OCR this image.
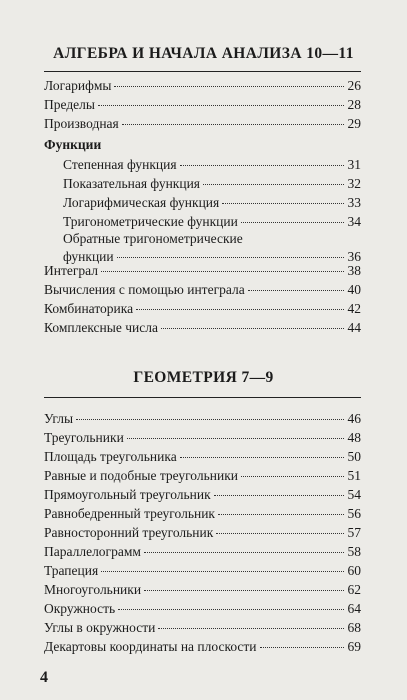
АЛГЕБРА И НАЧАЛА АНАЛИЗА 10—11
Логарифмы	26
Пределы	28
Производная	29
Функции
Степенная функция	31
Показательная функция	32
Логарифмическая функция	33
Тригонометрические функции	34
Обратные тригонометрические
функции	36
Интеграл	38
Вычисления с помощью интеграла	40
Комбинаторика	42
Комплексные числа	44
ГЕОМЕТРИЯ 7—9
Углы	46
Треугольники	48
Площадь треугольника	50
Равные и подобные треугольники	51
Прямоугольный треугольник	54
Равнобедренный треугольник	56
Равносторонний треугольник	57
Параллелограмм	58
Трапеция	60
Многоугольники	62
Окружность	64
Углы в окружности	68
Декартовы координаты на плоскости	69
4
